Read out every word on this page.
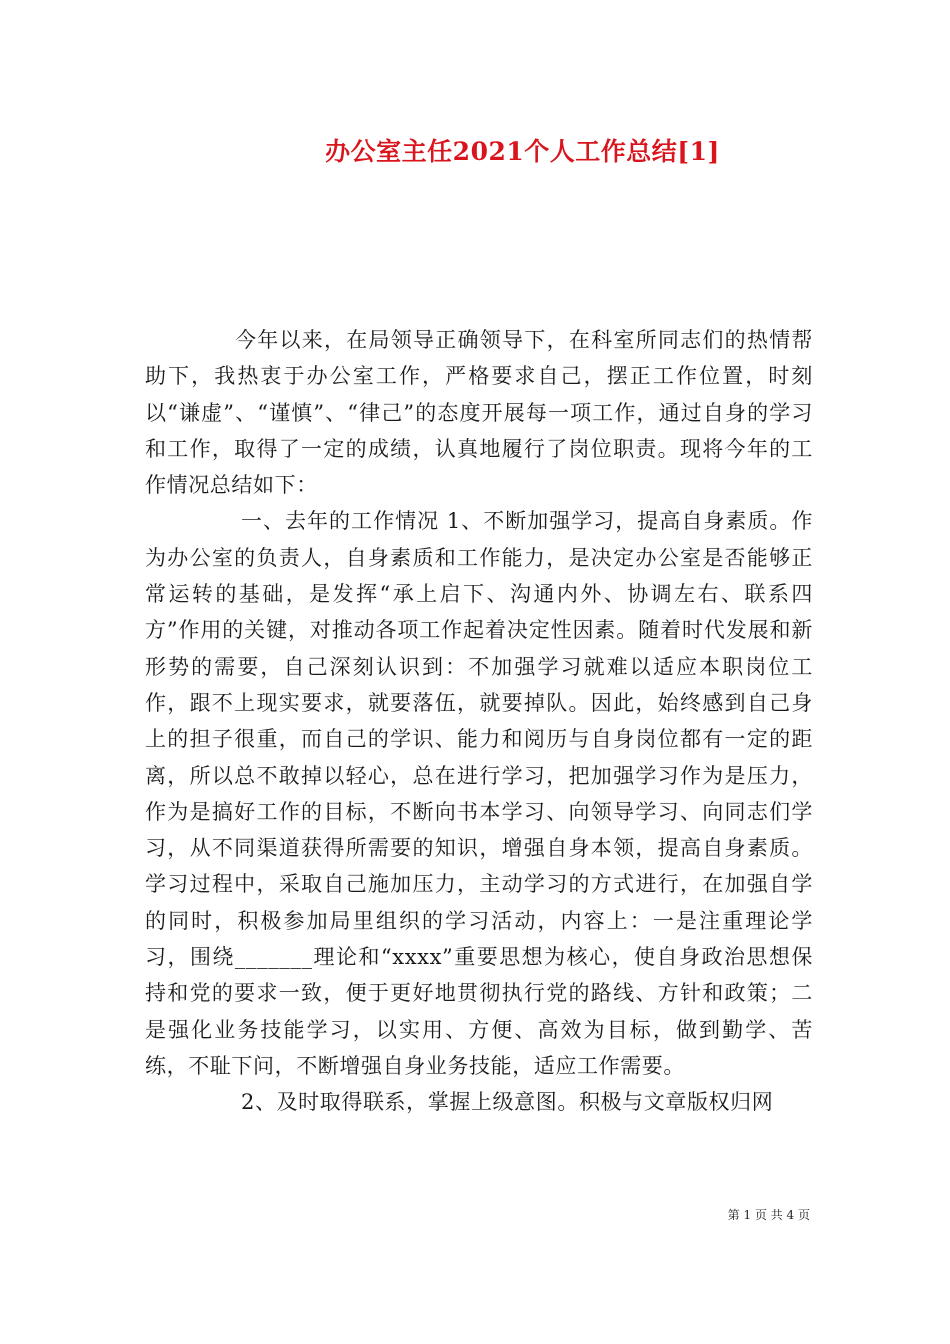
办公室主任2021个人工作总结[1]

今年以来，在局领导正确领导下，在科室所同志们的热情帮助下，我热衷于办公室工作，严格要求自己，摆正工作位置，时刻以“谦虚”、“谨慎”、“律己”的态度开展每一项工作，通过自身的学习和工作，取得了一定的成绩，认真地履行了岗位职责。现将今年的工作情况总结如下：

一、去年的工作情况 1、不断加强学习，提高自身素质。作为办公室的负责人，自身素质和工作能力，是决定办公室是否能够正常运转的基础，是发挥“承上启下、沟通内外、协调左右、联系四方”作用的关键，对推动各项工作起着决定性因素。随着时代发展和新形势的需要，自己深刻认识到：不加强学习就难以适应本职岗位工作，跟不上现实要求，就要落伍，就要掉队。因此，始终感到自己身上的担子很重，而自己的学识、能力和阅历与自身岗位都有一定的距离，所以总不敢掉以轻心，总在进行学习，把加强学习作为是压力，作为是搞好工作的目标，不断向书本学习、向领导学习、向同志们学习，从不同渠道获得所需要的知识，增强自身本领，提高自身素质。学习过程中，采取自己施加压力，主动学习的方式进行，在加强自学的同时，积极参加局里组织的学习活动，内容上：一是注重理论学习，围绕_______理论和“xxxx”重要思想为核心，使自身政治思想保持和党的要求一致，便于更好地贯彻执行党的路线、方针和政策；二是强化业务技能学习，以实用、方便、高效为目标，做到勤学、苦练，不耻下问，不断增强自身业务技能，适应工作需要。

2、及时取得联系，掌握上级意图。积极与文章版权归网

第 1 页 共 4 页
